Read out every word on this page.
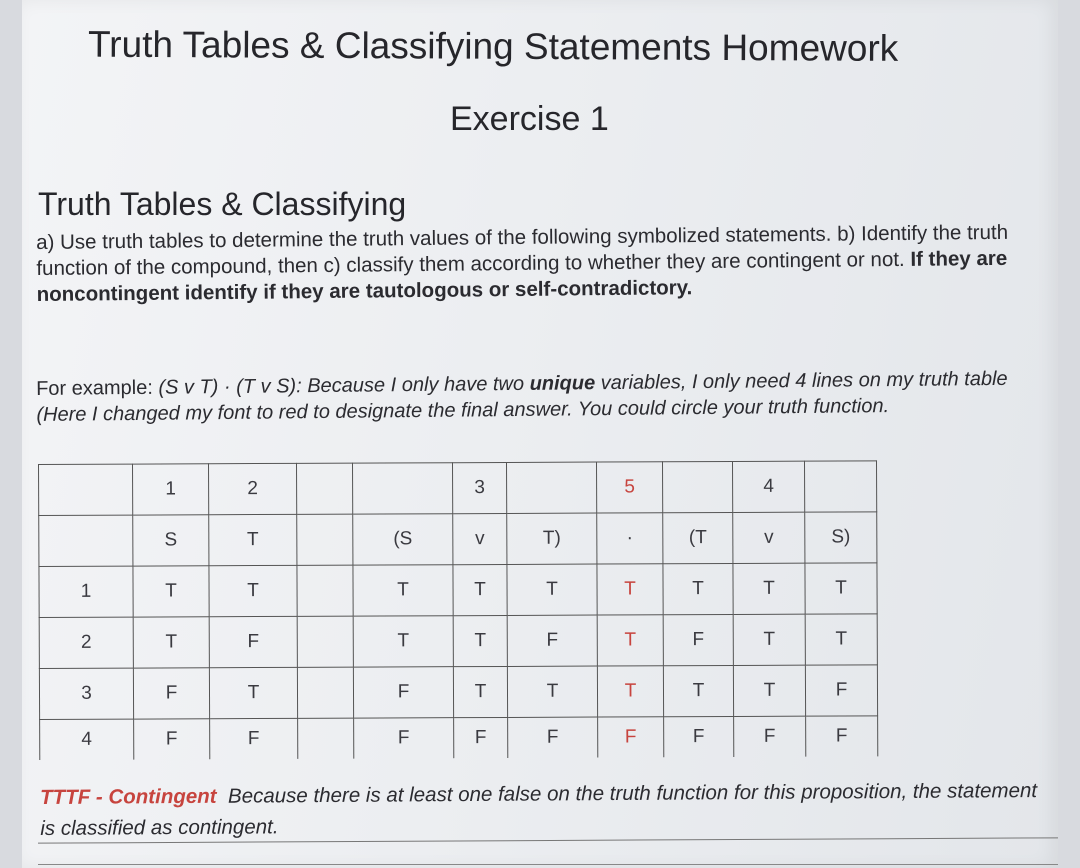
Truth Tables & Classifying Statements Homework
Exercise 1
Truth Tables & Classifying
a) Use truth tables to determine the truth values of the following symbolized statements. b) Identify the truth function of the compound, then c) classify them according to whether they are contingent or not. If they are noncontingent identify if they are tautologous or self-contradictory.
For example: (S v T) · (T v S): Because I only have two unique variables, I only need 4 lines on my truth table (Here I changed my font to red to designate the final answer. You could circle your truth function.
	1	2			3		5		4	
	S	T		(S	v	T)	·	(T	v	S)
1	T	T		T	T	T	T	T	T	T
2	T	F		T	T	F	T	F	T	T
3	F	T		F	T	T	T	T	T	F
4	F	F		F	F	F	F	F	F	F
TTTF - Contingent Because there is at least one false on the truth function for this proposition, the statement is classified as contingent.
